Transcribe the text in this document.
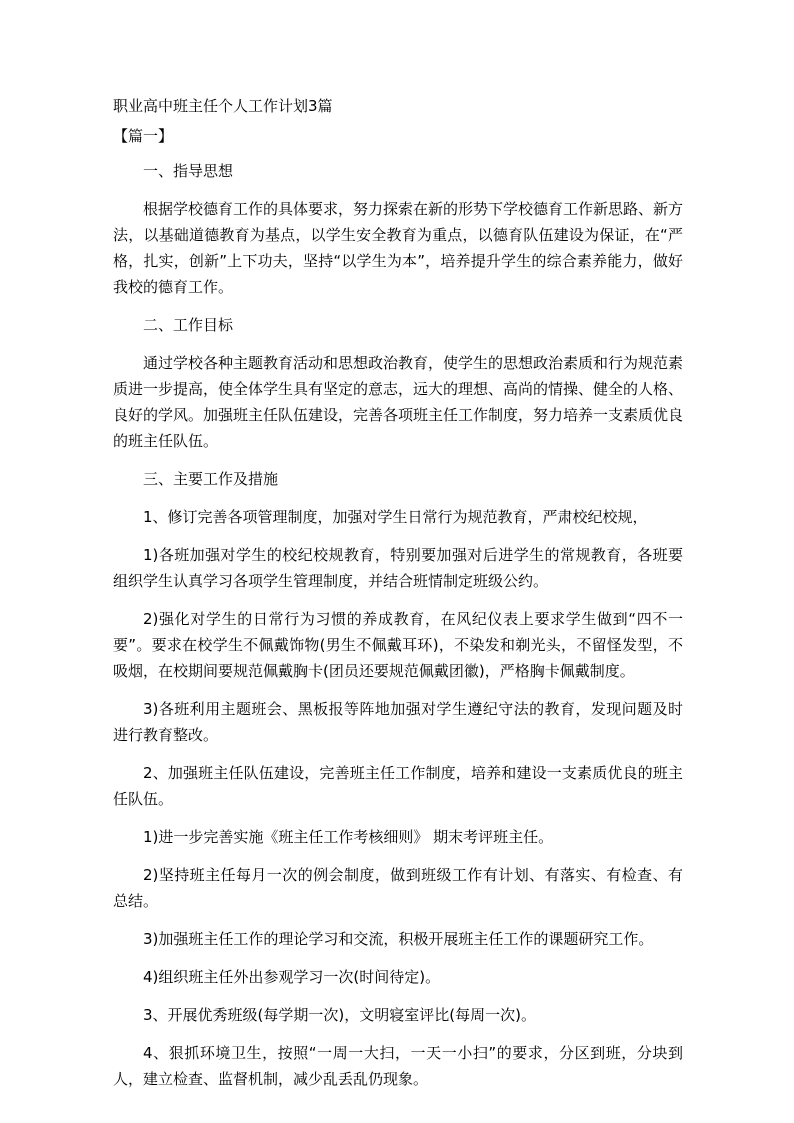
职业高中班主任个人工作计划3篇
【篇一】
一、指导思想
根据学校德育工作的具体要求，努力探索在新的形势下学校德育工作新思路、新方法，以基础道德教育为基点，以学生安全教育为重点，以德育队伍建设为保证，在“严格，扎实，创新”上下功夫，坚持“以学生为本”，培养提升学生的综合素养能力，做好我校的德育工作。
二、工作目标
通过学校各种主题教育活动和思想政治教育，使学生的思想政治素质和行为规范素质进一步提高，使全体学生具有坚定的意志，远大的理想、高尚的情操、健全的人格、良好的学风。加强班主任队伍建设，完善各项班主任工作制度，努力培养一支素质优良的班主任队伍。
三、主要工作及措施
1、修订完善各项管理制度，加强对学生日常行为规范教育，严肃校纪校规，
1)各班加强对学生的校纪校规教育，特别要加强对后进学生的常规教育，各班要组织学生认真学习各项学生管理制度，并结合班情制定班级公约。
2)强化对学生的日常行为习惯的养成教育，在风纪仪表上要求学生做到“四不一要”。要求在校学生不佩戴饰物(男生不佩戴耳环)，不染发和剃光头，不留怪发型，不吸烟，在校期间要规范佩戴胸卡(团员还要规范佩戴团徽)，严格胸卡佩戴制度。
3)各班利用主题班会、黑板报等阵地加强对学生遵纪守法的教育，发现问题及时进行教育整改。
2、加强班主任队伍建设，完善班主任工作制度，培养和建设一支素质优良的班主任队伍。
1)进一步完善实施《班主任工作考核细则》 期末考评班主任。
2)坚持班主任每月一次的例会制度，做到班级工作有计划、有落实、有检查、有总结。
3)加强班主任工作的理论学习和交流，积极开展班主任工作的课题研究工作。
4)组织班主任外出参观学习一次(时间待定)。
3、开展优秀班级(每学期一次)，文明寝室评比(每周一次)。
4、狠抓环境卫生，按照“一周一大扫，一天一小扫”的要求，分区到班，分块到人，建立检查、监督机制，减少乱丢乱仍现象。
